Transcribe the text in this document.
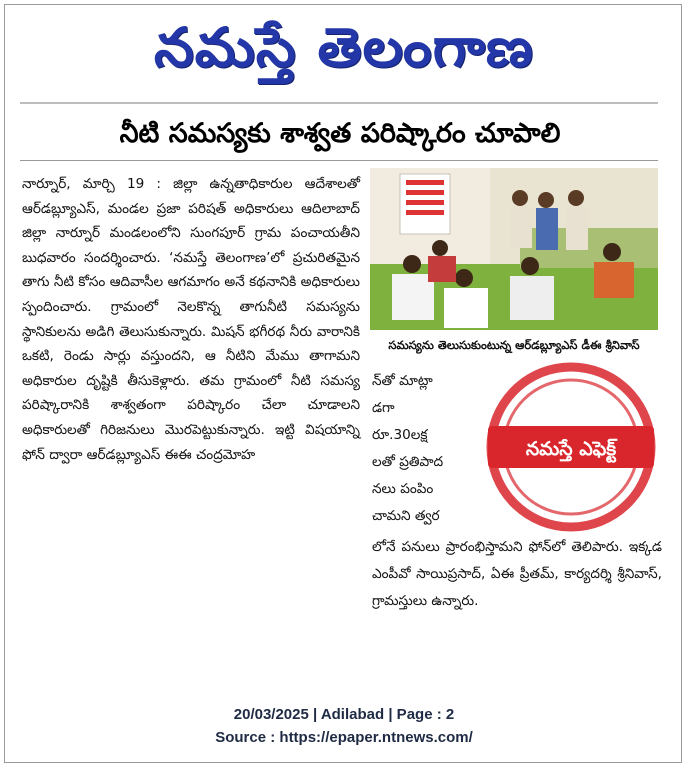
నమస్తే తెలంగాణ
నీటి సమస్యకు శాశ్వత పరిష్కారం చూపాలి

నార్నూర్, మార్చి 19 : జిల్లా ఉన్నతాధికారుల ఆదేశాలతో ఆర్‌డబ్ల్యూఎస్, మండల ప్రజా పరిషత్ అధికారులు ఆదిలాబాద్ జిల్లా నార్నూర్ మండలంలోని సుంగపూర్ గ్రామ పంచాయతీని బుధవారం సందర్శించారు. ‘నమస్తే తెలంగాణ’లో ప్రచురితమైన తాగు నీటి కోసం ఆదివాసీల ఆగమాగం అనే కథనానికి అధికారులు స్పందించారు. గ్రామంలో నెలకొన్న తాగునీటి సమస్యను స్థానికులను అడిగి తెలుసుకున్నారు. మిషన్ భగీరథ నీరు వారానికి ఒకటి, రెండు సార్లు వస్తుందని, ఆ నీటిని మేము తాగామని అధికారుల దృష్టికి తీసుకెళ్లారు. తమ గ్రామంలో నీటి సమస్య పరిష్కారానికి శాశ్వతంగా పరిష్కారం చేలా చూడాలని అధికారులతో గిరిజనులు మొరపెట్టుకున్నారు. ఇట్టి విషయాన్ని ఫోన్ ద్వారా ఆర్‌డబ్ల్యూఎస్ ఈఈ చంద్రమోహ

సమస్యను తెలుసుకుంటున్న ఆర్‌డబ్ల్యూఎస్ డీఈ శ్రీనివాస్
న్‌తో మాట్లా
డగా
రూ.30లక్ష
లతో ప్రతిపాద
నలు పంపిం
చామని త్వర
నమస్తే ఎఫెక్ట్
లోనే పనులు ప్రారంభిస్తామని ఫోన్‌లో తెలిపారు. ఇక్కడ ఎంపీవో సాయిప్రసాద్, ఏఈ ప్రీతమ్, కార్యదర్శి శ్రీనివాస్, గ్రామస్తులు ఉన్నారు.
20/03/2025 | Adilabad | Page : 2
Source : https://epaper.ntnews.com/
